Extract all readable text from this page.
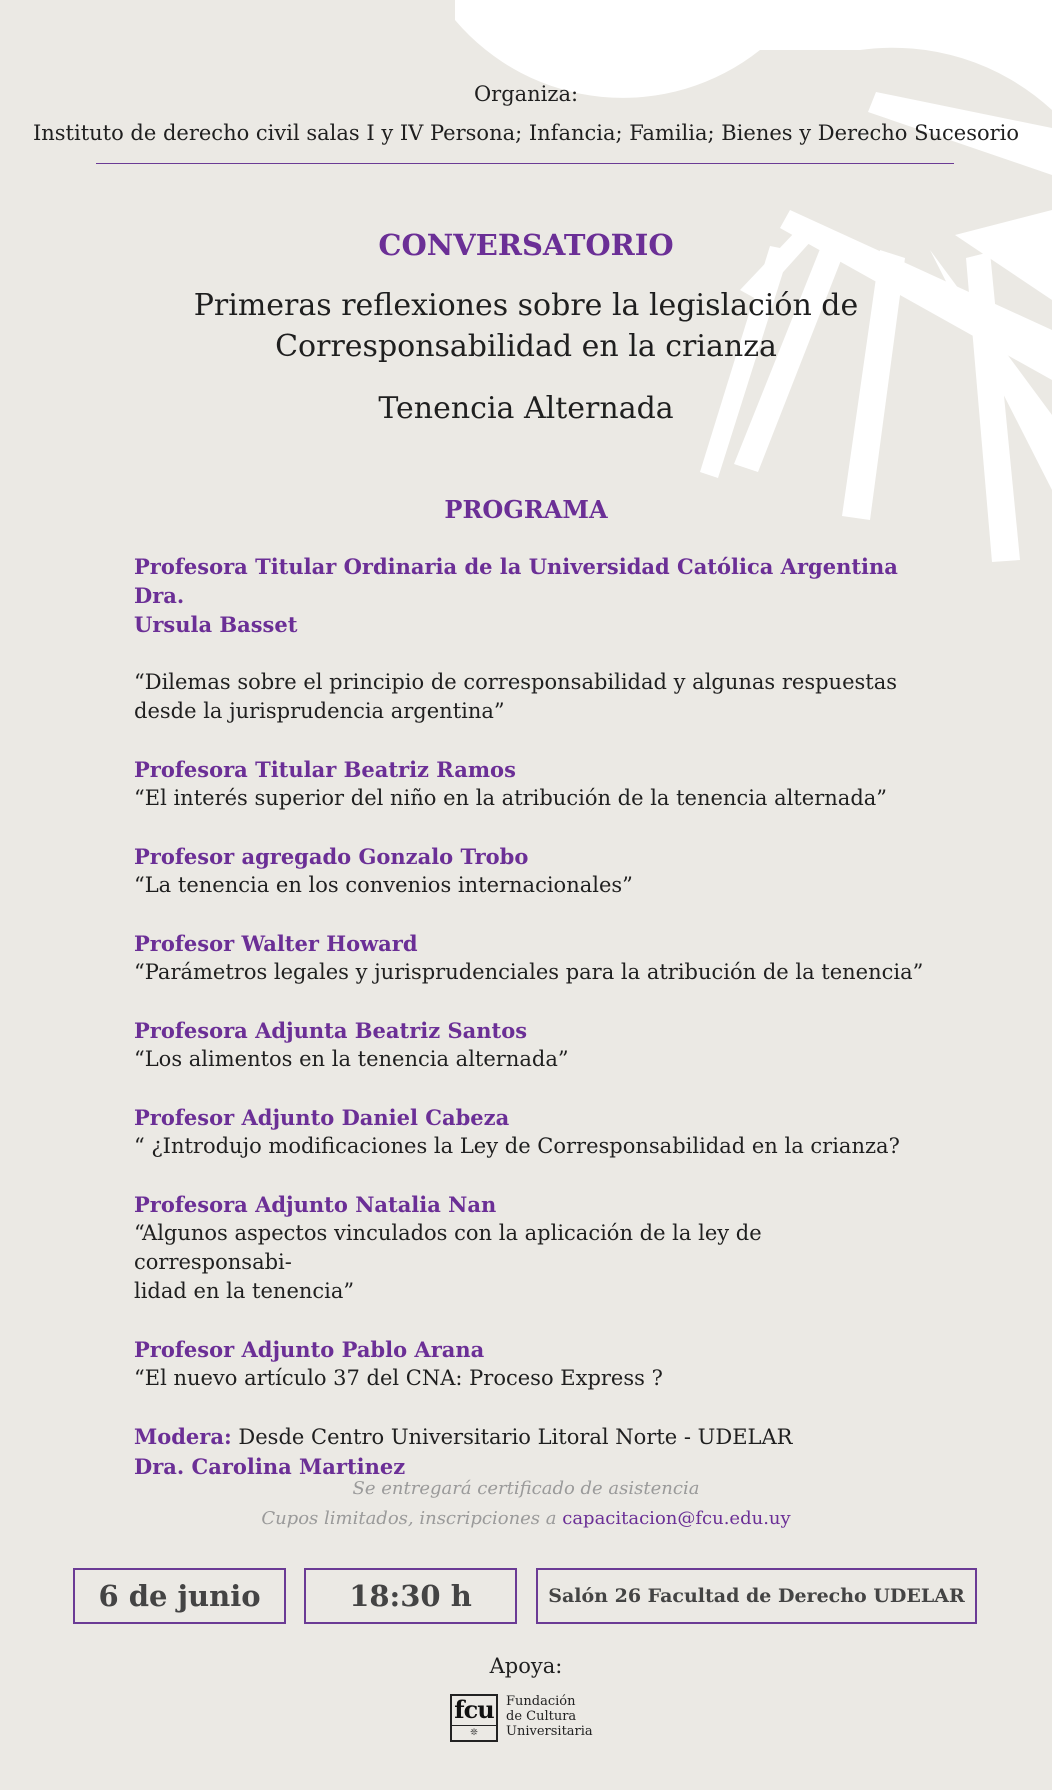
Organiza:
Instituto de derecho civil salas I y IV Persona; Infancia; Familia; Bienes y Derecho Sucesorio
CONVERSATORIO
Primeras reflexiones sobre la legislación de
Corresponsabilidad en la crianza
Tenencia Alternada
PROGRAMA
Profesora Titular Ordinaria de la Universidad Católica Argentina Dra.
Ursula Basset
“Dilemas sobre el principio de corresponsabilidad y algunas respuestas
desde la jurisprudencia argentina”
Profesora Titular Beatriz Ramos
“El interés superior del niño en la atribución de la tenencia alternada”
Profesor agregado Gonzalo Trobo
“La tenencia en los convenios internacionales”
Profesor Walter Howard
“Parámetros legales y jurisprudenciales para la atribución de la tenencia”
Profesora Adjunta Beatriz Santos
“Los alimentos en la tenencia alternada”
Profesor Adjunto Daniel Cabeza
“ ¿Introdujo modificaciones la Ley de Corresponsabilidad en la crianza?
Profesora Adjunto Natalia Nan
“Algunos aspectos vinculados con la aplicación de la ley de corresponsabi-
lidad en la tenencia”
Profesor Adjunto Pablo Arana
“El nuevo artículo 37 del CNA: Proceso Express ?
Modera: Desde Centro Universitario Litoral Norte - UDELAR
Dra. Carolina Martinez
Se entregará certificado de asistencia
Cupos limitados, inscripciones a capacitacion@fcu.edu.uy
6 de junio	18:30 h	Salón 26 Facultad de Derecho UDELAR
Apoya:
fcu
❊
Fundación
de Cultura
Universitaria
